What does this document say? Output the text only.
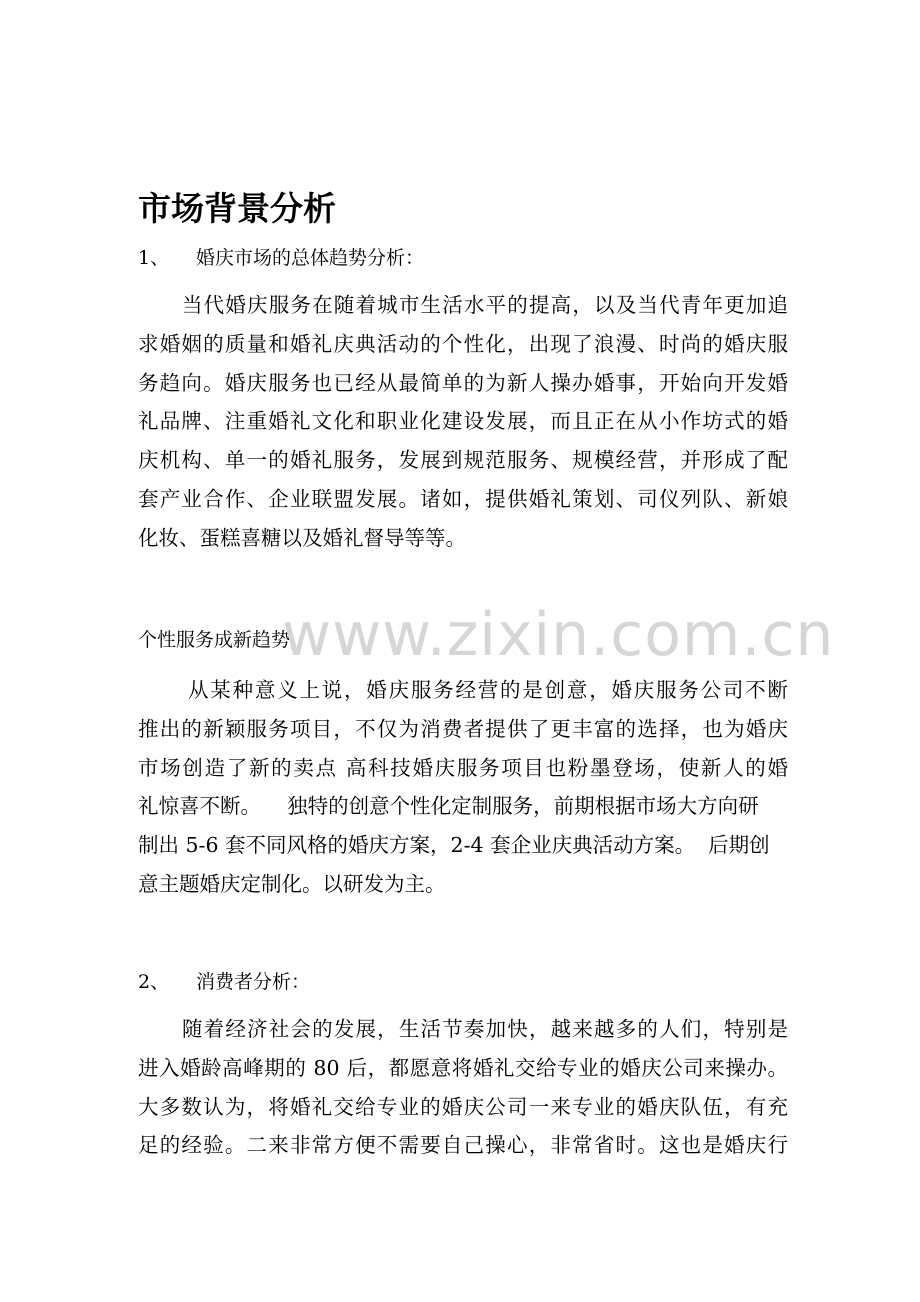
市场背景分析
1、 婚庆市场的总体趋势分析：
当代婚庆服务在随着城市生活水平的提高，以及当代青年更加追
求婚姻的质量和婚礼庆典活动的个性化，出现了浪漫、时尚的婚庆服
务趋向。婚庆服务也已经从最简单的为新人操办婚事，开始向开发婚
礼品牌、注重婚礼文化和职业化建设发展，而且正在从小作坊式的婚
庆机构、单一的婚礼服务，发展到规范服务、规模经营，并形成了配
套产业合作、企业联盟发展。诸如，提供婚礼策划、司仪列队、新娘
化妆、蛋糕喜糖以及婚礼督导等等。
www.zixin.com.cn
个性服务成新趋势
从某种意义上说，婚庆服务经营的是创意，婚庆服务公司不断
推出的新颖服务项目，不仅为消费者提供了更丰富的选择，也为婚庆
市场创造了新的卖点 高科技婚庆服务项目也粉墨登场，使新人的婚
礼惊喜不断。    独特的创意个性化定制服务，前期根据市场大方向研
制出 5-6 套不同风格的婚庆方案，2-4 套企业庆典活动方案。  后期创
意主题婚庆定制化。以研发为主。
2、 消费者分析：
随着经济社会的发展，生活节奏加快，越来越多的人们，特别是
进入婚龄高峰期的 80 后，都愿意将婚礼交给专业的婚庆公司来操办。
大多数认为，将婚礼交给专业的婚庆公司一来专业的婚庆队伍，有充
足的经验。二来非常方便不需要自己操心，非常省时。这也是婚庆行
